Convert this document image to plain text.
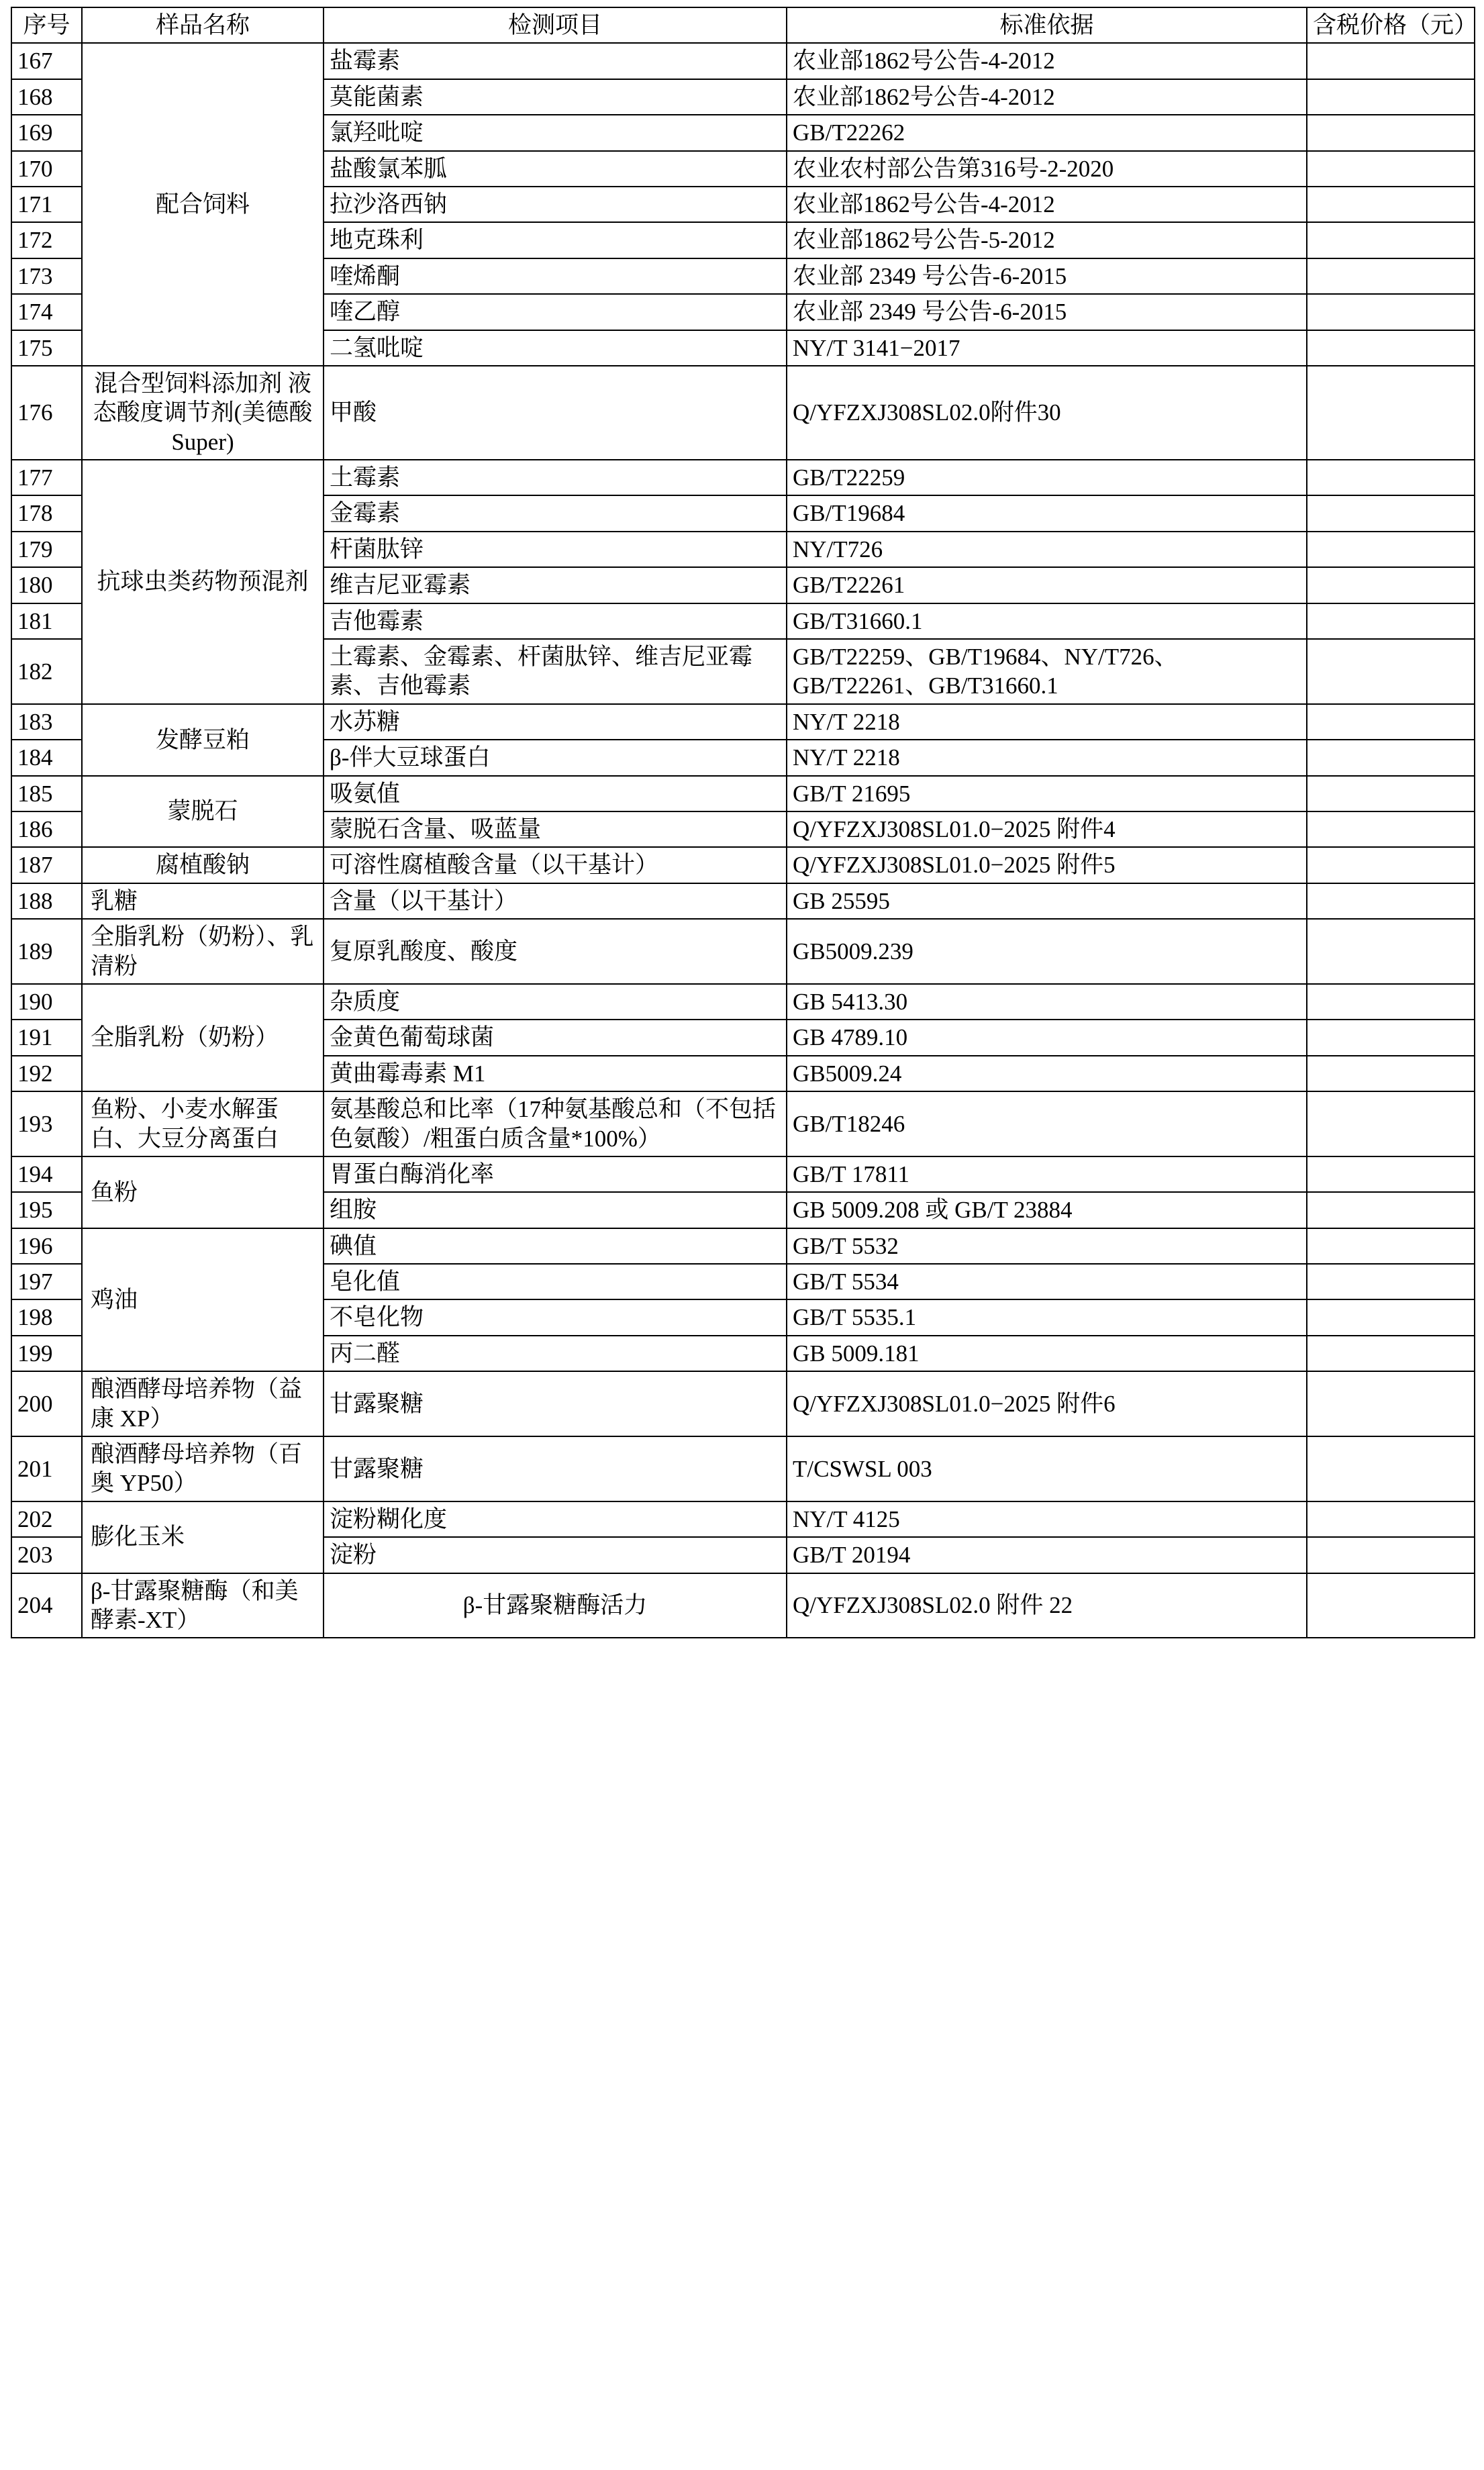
序号	样品名称	检测项目	标准依据	含税价格（元）
167	配合饲料	盐霉素	农业部1862号公告-4-2012	
168		莫能菌素	农业部1862号公告-4-2012	
169		氯羟吡啶	GB/T22262	
170		盐酸氯苯胍	农业农村部公告第316号-2-2020	
171		拉沙洛西钠	农业部1862号公告-4-2012	
172		地克珠利	农业部1862号公告-5-2012	
173		喹烯酮	农业部 2349 号公告-6-2015	
174		喹乙醇	农业部 2349 号公告-6-2015	
175		二氢吡啶	NY/T 3141−2017	
176	混合型饲料添加剂 液态酸度调节剂(美德酸Super)	甲酸	Q/YFZXJ308SL02.0附件30	
177	抗球虫类药物预混剂	土霉素	GB/T22259	
178		金霉素	GB/T19684	
179		杆菌肽锌	NY/T726	
180		维吉尼亚霉素	GB/T22261	
181		吉他霉素	GB/T31660.1	
182		土霉素、金霉素、杆菌肽锌、维吉尼亚霉素、吉他霉素	GB/T22259、GB/T19684、NY/T726、GB/T22261、GB/T31660.1	
183	发酵豆粕	水苏糖	NY/T 2218	
184		β-伴大豆球蛋白	NY/T 2218	
185	蒙脱石	吸氨值	GB/T 21695	
186		蒙脱石含量、吸蓝量	Q/YFZXJ308SL01.0−2025 附件4	
187	腐植酸钠	可溶性腐植酸含量（以干基计）	Q/YFZXJ308SL01.0−2025 附件5	
188	乳糖	含量（以干基计）	GB 25595	
189	全脂乳粉（奶粉）、乳清粉	复原乳酸度、酸度	GB5009.239	
190	全脂乳粉（奶粉）	杂质度	GB 5413.30	
191		金黄色葡萄球菌	GB 4789.10	
192		黄曲霉毒素 M1	GB5009.24	
193	鱼粉、小麦水解蛋白、大豆分离蛋白	氨基酸总和比率（17种氨基酸总和（不包括色氨酸）/粗蛋白质含量*100%）	GB/T18246	
194	鱼粉	胃蛋白酶消化率	GB/T 17811	
195		组胺	GB 5009.208 或 GB/T 23884	
196	鸡油	碘值	GB/T 5532	
197		皂化值	GB/T 5534	
198		不皂化物	GB/T 5535.1	
199		丙二醛	GB 5009.181	
200	酿酒酵母培养物（益康 XP）	甘露聚糖	Q/YFZXJ308SL01.0−2025 附件6	
201	酿酒酵母培养物（百奥 YP50）	甘露聚糖	T/CSWSL 003	
202	膨化玉米	淀粉糊化度	NY/T 4125	
203		淀粉	GB/T 20194	
204	β-甘露聚糖酶（和美酵素-XT）	β-甘露聚糖酶活力	Q/YFZXJ308SL02.0 附件 22	
